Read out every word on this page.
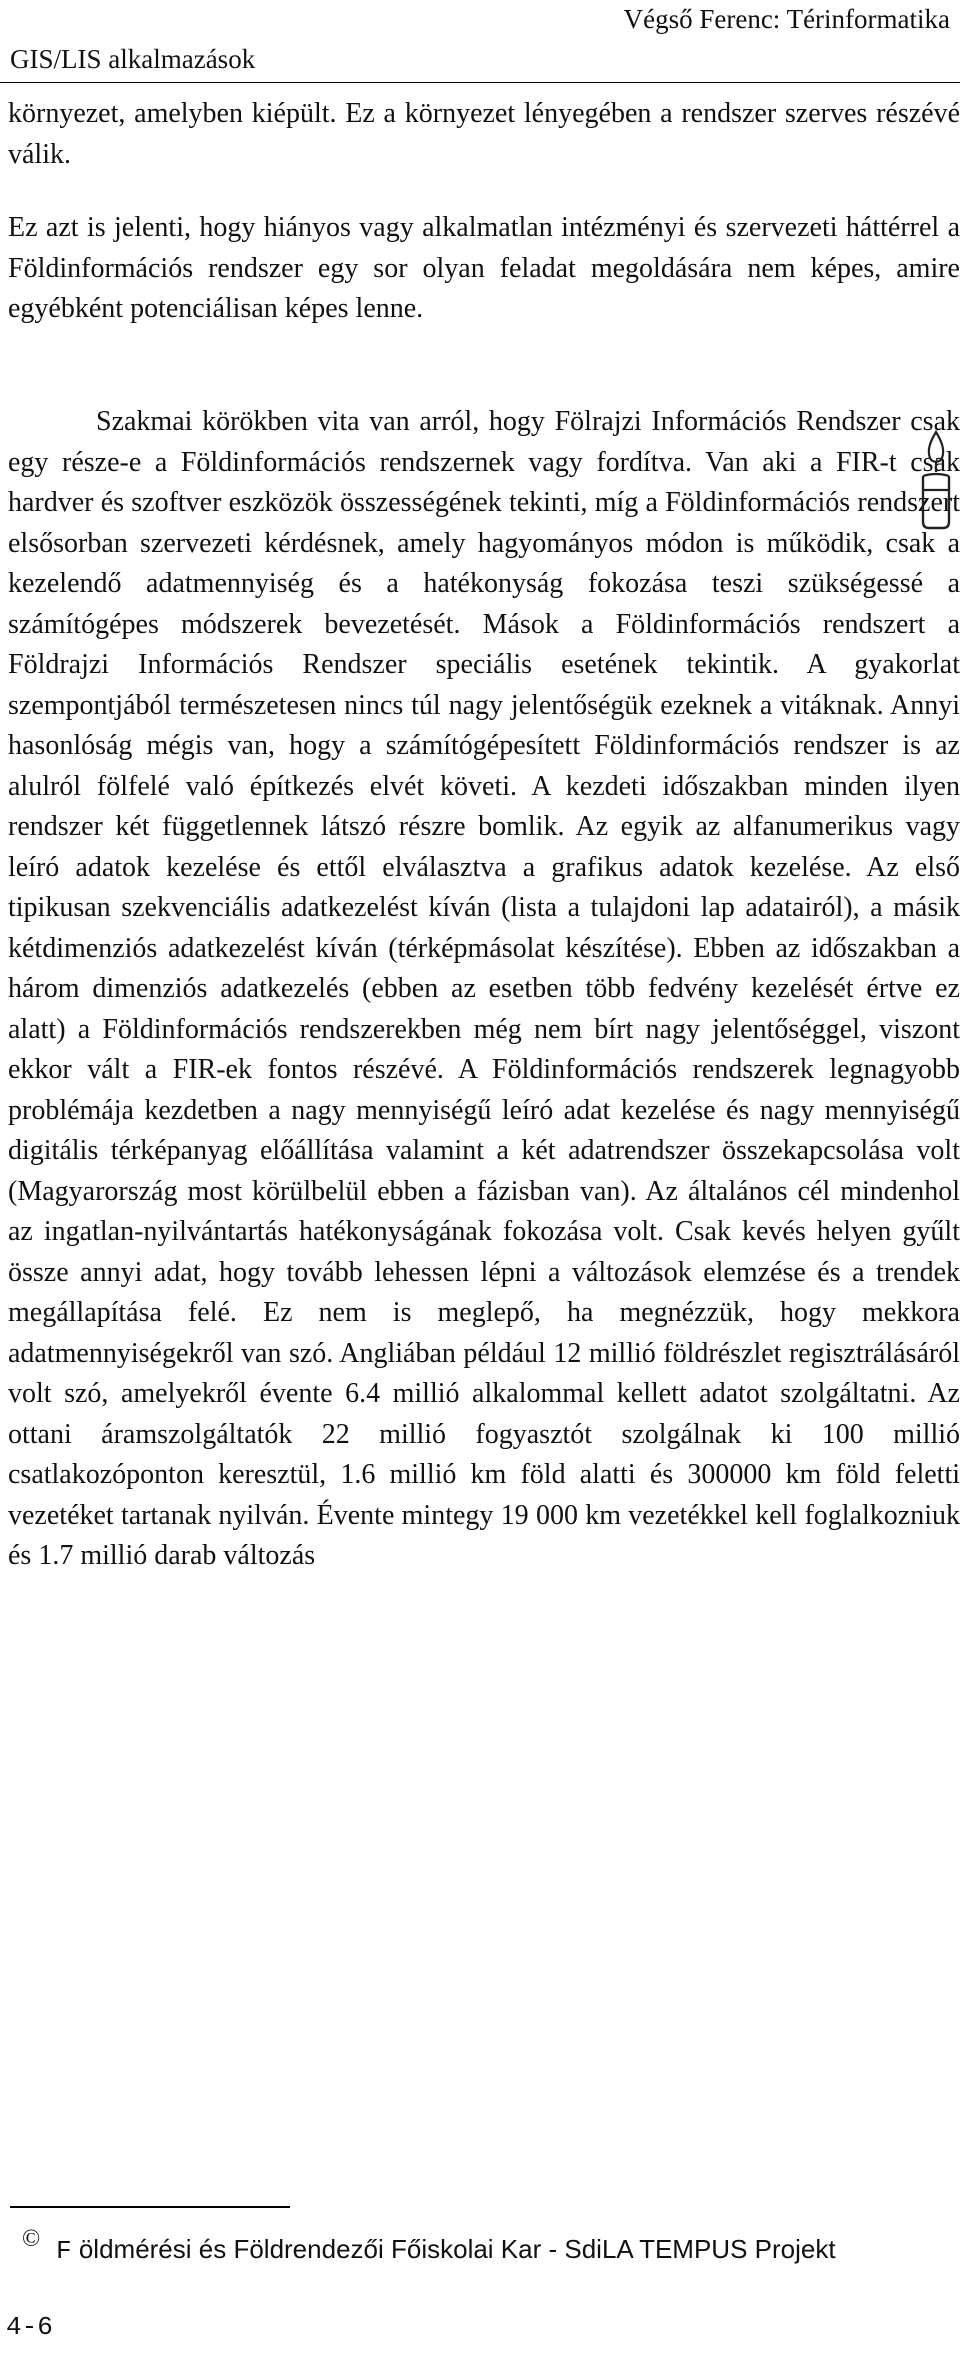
GIS/LIS alkalmazások
Végső Ferenc: Térinformatika

környezet, amelyben kiépült. Ez a környezet lényegében a rendszer szerves részévé válik.

Ez azt is jelenti, hogy hiányos vagy alkalmatlan intézményi és szervezeti háttérrel a Földinformációs rendszer egy sor olyan feladat megoldására nem képes, amire egyébként potenciálisan képes lenne.

Szakmai körökben vita van arról, hogy Fölrajzi Információs Rendszer csak egy része-e a Földinformációs rendszernek vagy fordítva. Van aki a FIR-t csak hardver és szoftver eszközök összességének tekinti, míg a Földinformációs rendszert elsősorban szervezeti kérdésnek, amely hagyományos módon is működik, csak a kezelendő adatmennyiség és a hatékonyság fokozása teszi szükségessé a számítógépes módszerek bevezetését. Mások a Földinformációs rendszert a Földrajzi Információs Rendszer speciális esetének tekintik. A gyakorlat szempontjából természetesen nincs túl nagy jelentőségük ezeknek a vitáknak. Annyi hasonlóság mégis van, hogy a számítógépesített Földinformációs rendszer is az alulról fölfelé való építkezés elvét követi. A kezdeti időszakban minden ilyen rendszer két függetlennek látszó részre bomlik. Az egyik az alfanumerikus vagy leíró adatok kezelése és ettől elválasztva a grafikus adatok kezelése. Az első tipikusan szekvenciális adatkezelést kíván (lista a tulajdoni lap adatairól), a másik kétdimenziós adatkezelést kíván (térképmásolat készítése). Ebben az időszakban a három dimenziós adatkezelés (ebben az esetben több fedvény kezelését értve ez alatt) a Földinformációs rendszerekben még nem bírt nagy jelentőséggel, viszont ekkor vált a FIR-ek fontos részévé. A Földinformációs rendszerek legnagyobb problémája kezdetben a nagy mennyiségű leíró adat kezelése és nagy mennyiségű digitális térképanyag előállítása valamint a két adatrendszer összekapcsolása volt (Magyarország most körülbelül ebben a fázisban van). Az általános cél mindenhol az ingatlan-nyilvántartás hatékonyságának fokozása volt. Csak kevés helyen gyűlt össze annyi adat, hogy tovább lehessen lépni a változások elemzése és a trendek megállapítása felé. Ez nem is meglepő, ha megnézzük, hogy mekkora adatmennyiségekről van szó. Angliában például 12 millió földrészlet regisztrálásáról volt szó, amelyekről évente 6.4 millió alkalommal kellett adatot szolgáltatni. Az ottani áramszolgáltatók 22 millió fogyasztót szolgálnak ki 100 millió csatlakozóponton keresztül, 1.6 millió km föld alatti és 300000 km föld feletti vezetéket tartanak nyilván. Évente mintegy 19 000 km vezetékkel kell foglalkozniuk és 1.7 millió darab változás

© F öldmérési és Földrendezői Főiskolai Kar - SdiLA TEMPUS Projekt
4-6
